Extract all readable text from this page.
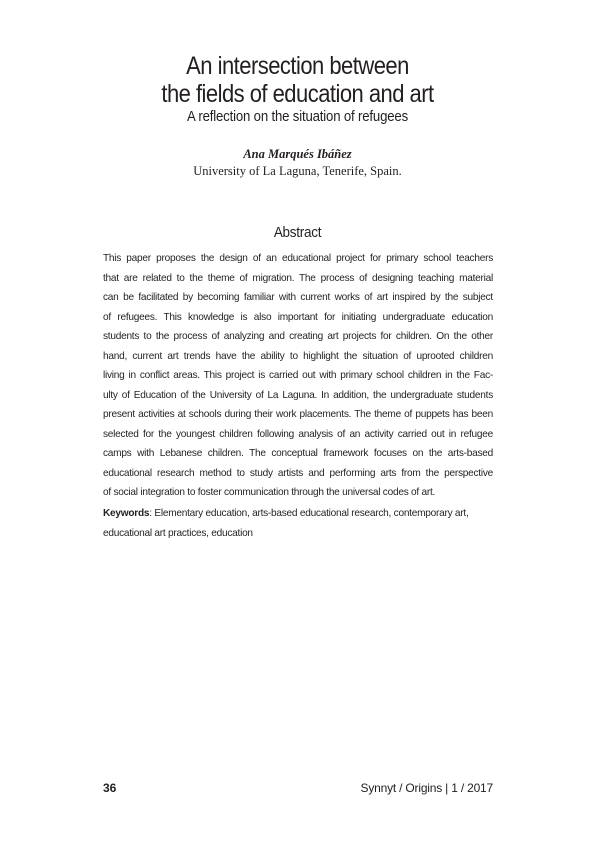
An intersection between
the fields of education and art
A reflection on the situation of refugees
Ana Marqués Ibáñez
University of La Laguna, Tenerife, Spain.
Abstract
This paper proposes the design of an educational project for primary school teachers
that are related to the theme of migration. The process of designing teaching material
can be facilitated by becoming familiar with current works of art inspired by the subject
of refugees. This knowledge is also important for initiating undergraduate education
students to the process of analyzing and creating art projects for children. On the other
hand, current art trends have the ability to highlight the situation of uprooted children
living in conflict areas. This project is carried out with primary school children in the Fac-
ulty of Education of the University of La Laguna. In addition, the undergraduate students
present activities at schools during their work placements. The theme of puppets has been
selected for the youngest children following analysis of an activity carried out in refugee
camps with Lebanese children. The conceptual framework focuses on the arts-based
educational research method to study artists and performing arts from the perspective
of social integration to foster communication through the universal codes of art.
Keywords: Elementary education, arts-based educational research, contemporary art,
educational art practices, education
36	Synnyt / Origins | 1 / 2017
